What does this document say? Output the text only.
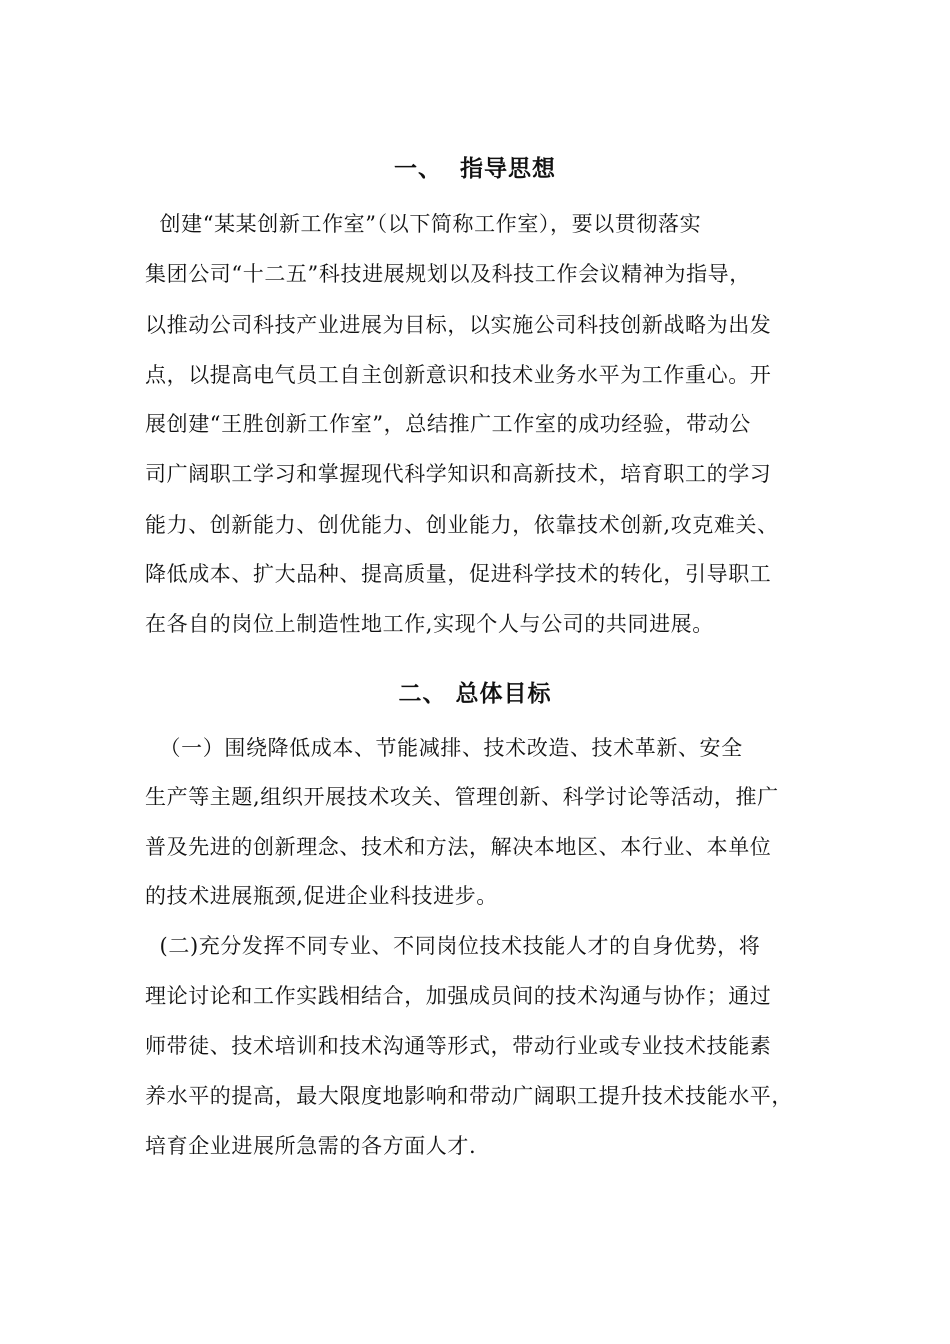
一、  指导思想
创建“某某创新工作室”（以下简称工作室），要以贯彻落实
集团公司“十二五”科技进展规划以及科技工作会议精神为指导，
以推动公司科技产业进展为目标，以实施公司科技创新战略为出发
点，以提高电气员工自主创新意识和技术业务水平为工作重心。开
展创建“王胜创新工作室”，总结推广工作室的成功经验，带动公
司广阔职工学习和掌握现代科学知识和高新技术，培育职工的学习
能力、创新能力、创优能力、创业能力，依靠技术创新,攻克难关、
降低成本、扩大品种、提高质量，促进科学技术的转化，引导职工
在各自的岗位上制造性地工作,实现个人与公司的共同进展。
二、 总体目标
（一）围绕降低成本、节能减排、技术改造、技术革新、安全
生产等主题,组织开展技术攻关、管理创新、科学讨论等活动，推广
普及先进的创新理念、技术和方法，解决本地区、本行业、本单位
的技术进展瓶颈,促进企业科技进步。
(二)充分发挥不同专业、不同岗位技术技能人才的自身优势，将
理论讨论和工作实践相结合，加强成员间的技术沟通与协作；通过
师带徒、技术培训和技术沟通等形式，带动行业或专业技术技能素
养水平的提高，最大限度地影响和带动广阔职工提升技术技能水平，
培育企业进展所急需的各方面人才.
